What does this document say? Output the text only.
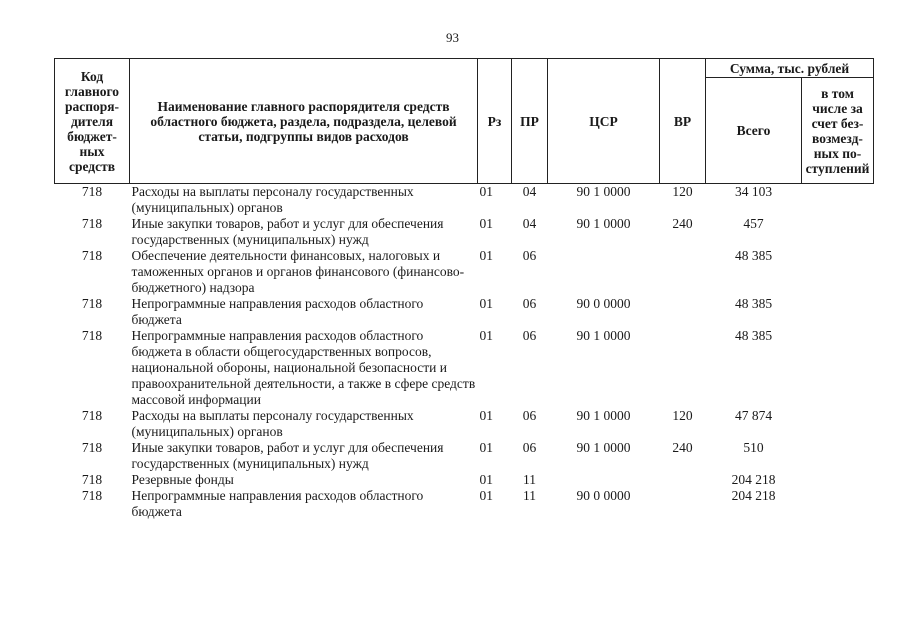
93
Код главного распоря-дителя бюджет-ных средств	Наименование главного распорядителя средств областного бюджета, раздела, подраздела, целевой статьи, подгруппы видов расходов	Рз	ПР	ЦСР	ВР	Сумма, тыс. рублей	
						Всего	в том числе за счет без-возмезд-ных по-ступлений
718	Расходы на выплаты персоналу государственных (муниципальных) органов	01	04	90 1 0000	120	34 103	
718	Иные закупки товаров, работ и услуг для обеспечения государственных (муниципальных) нужд	01	04	90 1 0000	240	457	
718	Обеспечение деятельности финансовых, налоговых и таможенных органов и органов финансового (финансово-бюджетного) надзора	01	06			48 385	
718	Непрограммные направления расходов областного бюджета	01	06	90 0 0000		48 385	
718	Непрограммные направления расходов областного бюджета в области общегосударственных вопросов, национальной обороны, национальной безопасности и правоохранительной деятельности, а также в сфере средств массовой информации	01	06	90 1 0000		48 385	
718	Расходы на выплаты персоналу государственных (муниципальных) органов	01	06	90 1 0000	120	47 874	
718	Иные закупки товаров, работ и услуг для обеспечения государственных (муниципальных) нужд	01	06	90 1 0000	240	510	
718	Резервные фонды	01	11			204 218	
718	Непрограммные направления расходов областного бюджета	01	11	90 0 0000		204 218	
